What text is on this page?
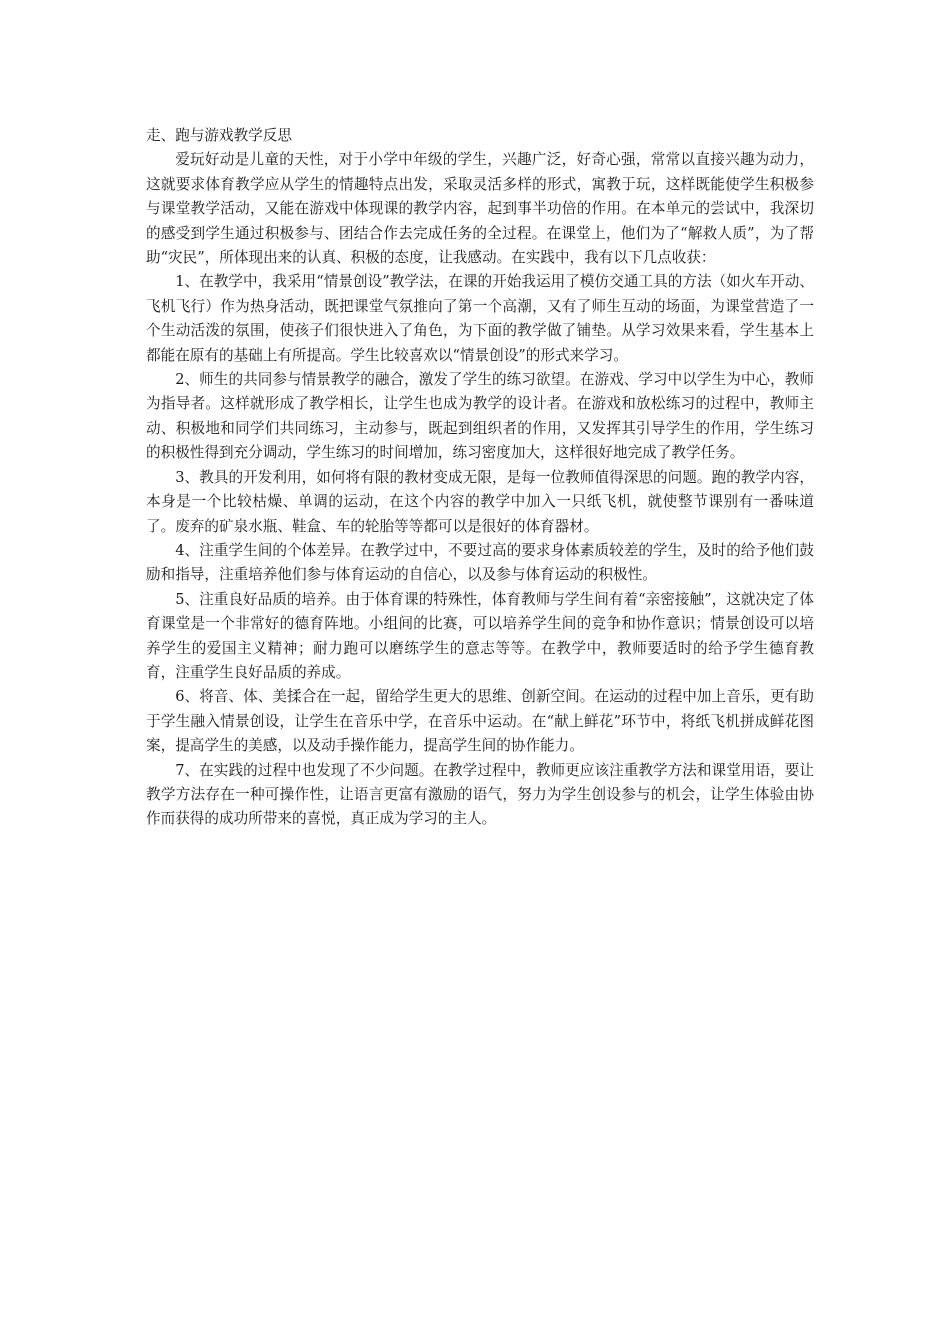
走、跑与游戏教学反思

爱玩好动是儿童的天性，对于小学中年级的学生，兴趣广泛，好奇心强，常常以直接兴趣为动力，这就要求体育教学应从学生的情趣特点出发，采取灵活多样的形式，寓教于玩，这样既能使学生积极参与课堂教学活动，又能在游戏中体现课的教学内容，起到事半功倍的作用。在本单元的尝试中，我深切的感受到学生通过积极参与、团结合作去完成任务的全过程。在课堂上，他们为了“解救人质”，为了帮助“灾民”，所体现出来的认真、积极的态度，让我感动。在实践中，我有以下几点收获：

1、在教学中，我采用“情景创设”教学法，在课的开始我运用了模仿交通工具的方法（如火车开动、飞机飞行）作为热身活动，既把课堂气氛推向了第一个高潮，又有了师生互动的场面，为课堂营造了一个生动活泼的氛围，使孩子们很快进入了角色，为下面的教学做了铺垫。从学习效果来看，学生基本上都能在原有的基础上有所提高。学生比较喜欢以“情景创设”的形式来学习。

2、师生的共同参与情景教学的融合，激发了学生的练习欲望。在游戏、学习中以学生为中心，教师为指导者。这样就形成了教学相长，让学生也成为教学的设计者。在游戏和放松练习的过程中，教师主动、积极地和同学们共同练习，主动参与，既起到组织者的作用，又发挥其引导学生的作用，学生练习的积极性得到充分调动，学生练习的时间增加，练习密度加大，这样很好地完成了教学任务。

3、教具的开发利用，如何将有限的教材变成无限，是每一位教师值得深思的问题。跑的教学内容，本身是一个比较枯燥、单调的运动，在这个内容的教学中加入一只纸飞机，就使整节课别有一番味道了。废弃的矿泉水瓶、鞋盒、车的轮胎等等都可以是很好的体育器材。

4、注重学生间的个体差异。在教学过中，不要过高的要求身体素质较差的学生，及时的给予他们鼓励和指导，注重培养他们参与体育运动的自信心，以及参与体育运动的积极性。

5、注重良好品质的培养。由于体育课的特殊性，体育教师与学生间有着“亲密接触”，这就决定了体育课堂是一个非常好的德育阵地。小组间的比赛，可以培养学生间的竞争和协作意识；情景创设可以培养学生的爱国主义精神；耐力跑可以磨练学生的意志等等。在教学中，教师要适时的给予学生德育教育，注重学生良好品质的养成。

6、将音、体、美揉合在一起，留给学生更大的思维、创新空间。在运动的过程中加上音乐，更有助于学生融入情景创设，让学生在音乐中学，在音乐中运动。在“献上鲜花”环节中，将纸飞机拼成鲜花图案，提高学生的美感，以及动手操作能力，提高学生间的协作能力。

7、在实践的过程中也发现了不少问题。在教学过程中，教师更应该注重教学方法和课堂用语，要让教学方法存在一种可操作性，让语言更富有激励的语气，努力为学生创设参与的机会，让学生体验由协作而获得的成功所带来的喜悦，真正成为学习的主人。
